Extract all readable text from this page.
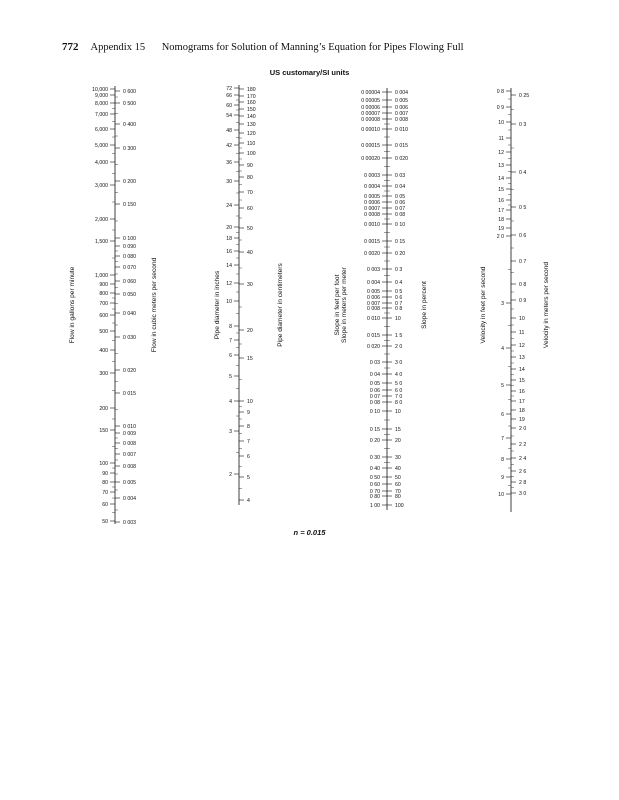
772 Appendix 15 Nomograms for Solution of Manning’s Equation for Pipes Flowing Full
US customary/SI units
10,000
9,000
8,000
7,000
6,000
5,000
4,000
3,000
2,000
1,500
1,000
900
800
700
600
500
400
300
200
150
100
90
80
70
60
50
0 600
0 500
0 400
0 300
0 200
0 150
0 100
0 090
0 080
0 070
0 060
0 050
0 040
0 030
0 020
0 015
0 010
0 009
0 008
0 007
0 008
0 005
0 004
0 003
Flow in gallons per minute	Flow in cubic meters per second
72
66
60
54
48
42
36
30
24
20
18
16
14
12
10
8
7
6
5
4
3
2
180
170
160
150
140
130
120
110
100
90
80
70
60
50
40
30
20
15
10
9
8
7
6
5
4
Pipe diameter in inches	Pipe diameter in centimeters
0 00004
0 00005
0 00006
0 00007
0 00008
0 00010
0 00015
0 00020
0 0003
0 0004
0 0005
0 0006
0 0007
0 0008
0 0010
0 0015
0 0020
0 003
0 004
0 005
0 006
0 007
0 008
0 010
0 015
0 020
0 03
0 04
0 05
0 06
0 07
0 08
0 10
0 15
0 20
0 30
0 40
0 50
0 60
0 70
0 80
1 00
0 004
0 005
0 006
0 007
0 008
0 010
0 015
0 020
0 03
0 04
0 05
0 06
0 07
0 08
0 10
0 15
0 20
0 3
0 4
0 5
0 6
0 7
0 8
10
1 5
2 0
3 0
4 0
5 0
6 0
7 0
8 0
10
15
20
30
40
50
60
70
80
100
Slope in feet per foot Slope in meters per meter	Slope in percent
0 8
0 9
10
11
12
13
14
15
16
17
18
19
2 0
3
4
5
6
7
8
9
10
0 25
0 3
0 4
0 5
0 6
0 7
0 8
0 9
10
11
12
13
14
15
16
17
18
19
2 0
2 2
2 4
2 6
2 8
3 0
Velocity in feet per second	Velocity in meters per second
n = 0.015
